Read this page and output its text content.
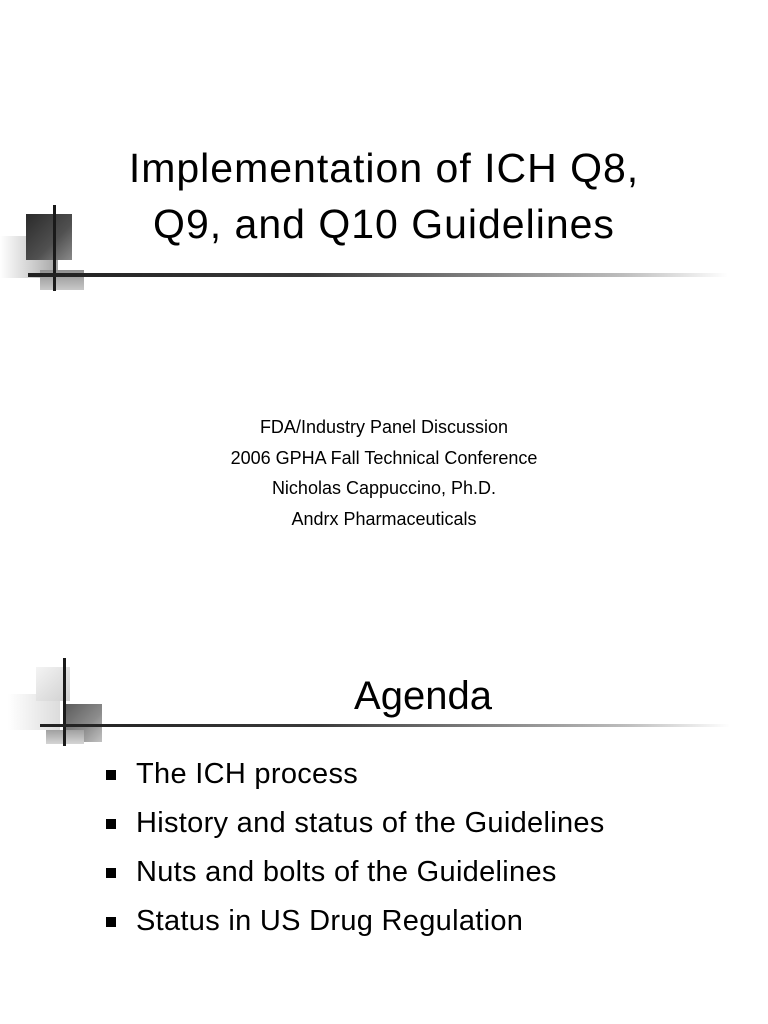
Implementation of ICH Q8,
Q9, and Q10 Guidelines
FDA/Industry Panel Discussion
2006 GPHA Fall Technical Conference
Nicholas Cappuccino, Ph.D.
Andrx Pharmaceuticals
Agenda
The ICH process
History and status of the Guidelines
Nuts and bolts of the Guidelines
Status in US Drug Regulation
